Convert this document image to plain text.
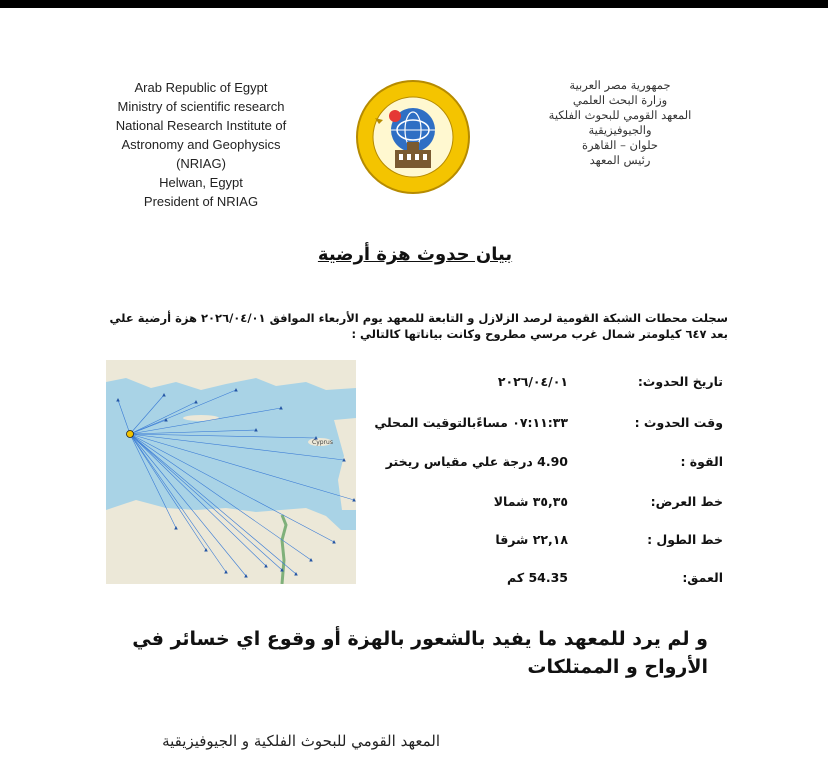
Arab Republic of Egypt
Ministry of scientific research
National Research Institute of
Astronomy and Geophysics
(NRIAG)
Helwan, Egypt
President of NRIAG
جمهورية مصر العربية
وزارة البحث العلمي
المعهد القومي للبحوث الفلكية
والجيوفيزيقية
حلوان – القاهرة
رئيس المعهد
بيان حدوث هزة أرضية
سجلت محطات الشبكة القومية لرصد الزلازل و التابعة للمعهد يوم الأربعاء الموافق ٢٠٢٦/٠٤/٠١ هزة أرضية علي
بعد ٦٤٧ كيلومتر شمال غرب مرسي مطروح وكانت بياناتها كالتالي :
Cyprus
تاريخ الحدوث:
٢٠٢٦/٠٤/٠١
وقت الحدوث :
٠٧:١١:٣٣ مساءًبالتوقيت المحلي
القوة :
4.90 درجة علي مقياس ريختر
خط العرض:
٣٥,٣٥ شمالا
خط الطول :
٢٢,١٨ شرقا
العمق:
54.35 كم
و لم يرد للمعهد ما يفيد بالشعور بالهزة أو وقوع اي خسائر في الأرواح و الممتلكات
المعهد القومي للبحوث الفلكية و الجيوفيزيقية
